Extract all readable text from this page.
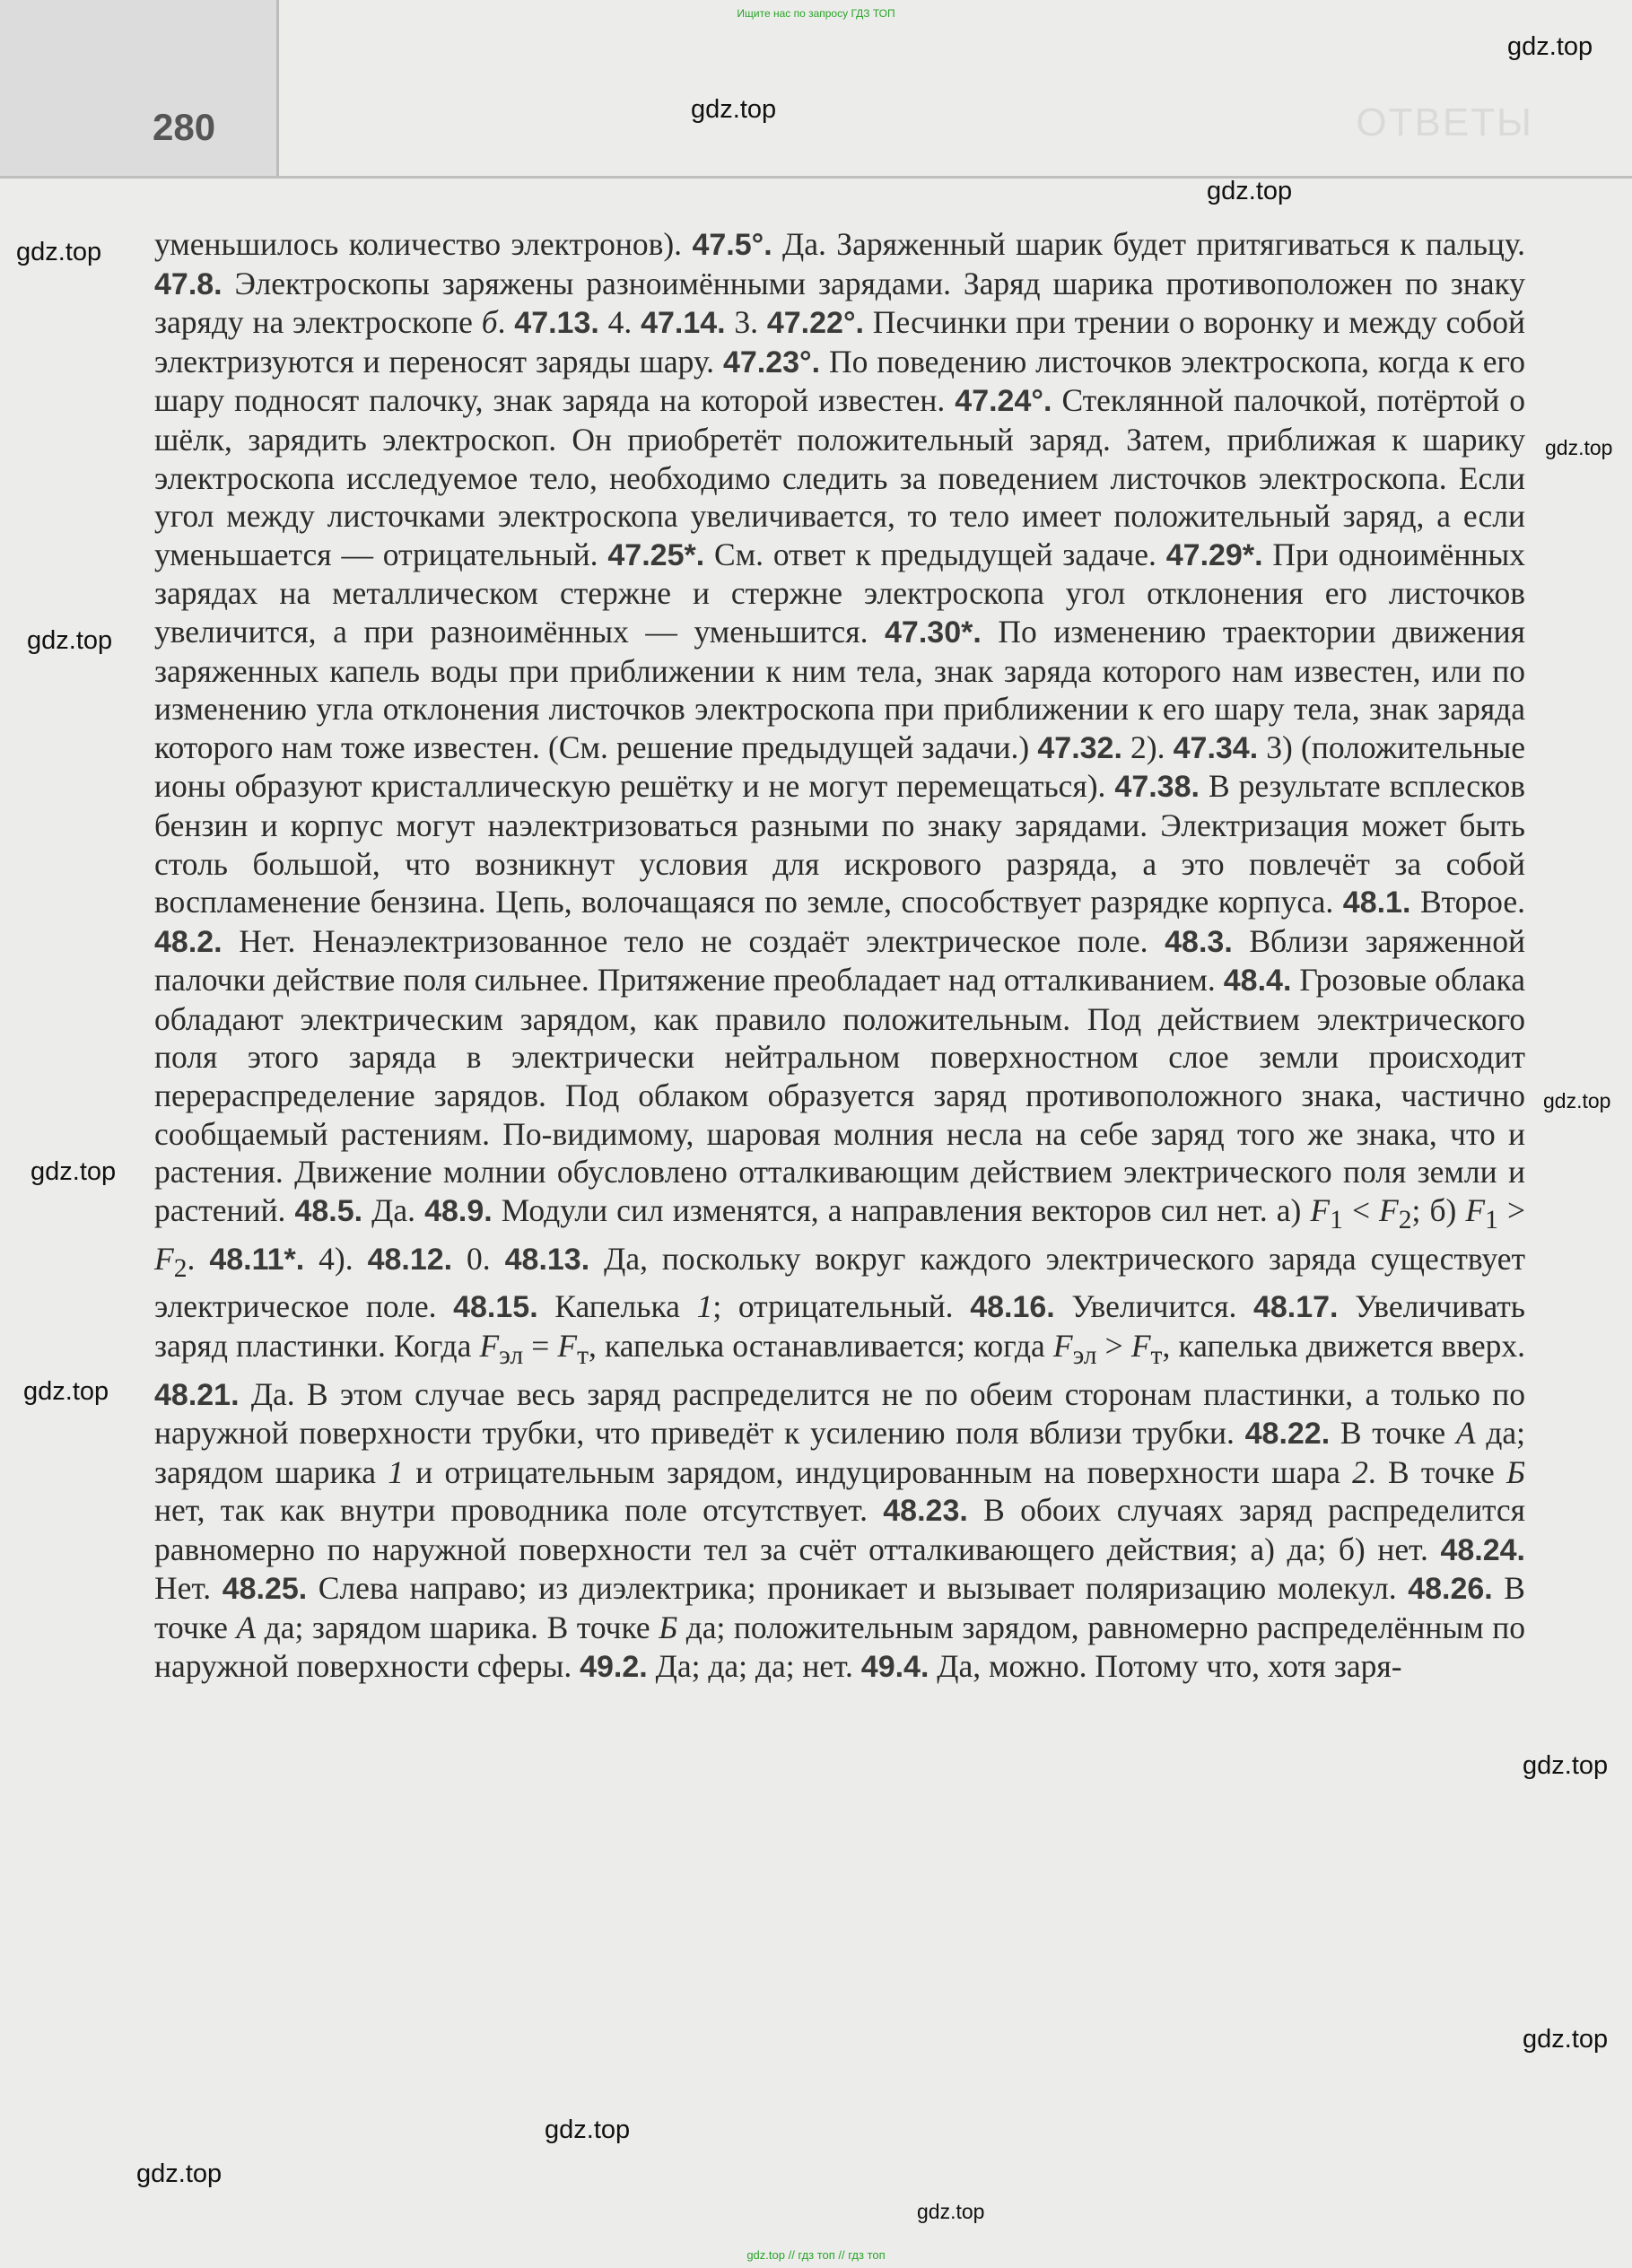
Ищите нас по запросу ГДЗ ТОП
280	ОТВЕТЫ
gdz.top
gdz.top
gdz.top
gdz.top
gdz.top
gdz.top
gdz.top
gdz.top
gdz.top
gdz.top
gdz.top
gdz.top
gdz.top
gdz.top

уменьшилось количество электронов). 47.5°. Да. Заряженный шарик будет притягиваться к пальцу. 47.8. Электроскопы заряжены разноимёнными зарядами. Заряд шарика противоположен по знаку заряду на электроскопе б. 47.13. 4. 47.14. 3. 47.22°. Песчинки при трении о воронку и между собой электризуются и переносят заряды шару. 47.23°. По поведению листочков электроскопа, когда к его шару подносят палочку, знак заряда на которой известен. 47.24°. Стеклянной палочкой, потёртой о шёлк, зарядить электроскоп. Он приобретёт положительный заряд. Затем, приближая к шарику электроскопа исследуемое тело, необходимо следить за поведением листочков электроскопа. Если угол между листочками электроскопа увеличивается, то тело имеет положительный заряд, а если уменьшается — отрицательный. 47.25*. См. ответ к предыдущей задаче. 47.29*. При одноимённых зарядах на металлическом стержне и стержне электроскопа угол отклонения его листочков увеличится, а при разноимённых — уменьшится. 47.30*. По изменению траектории движения заряженных капель воды при приближении к ним тела, знак заряда которого нам известен, или по изменению угла отклонения листочков электроскопа при приближении к его шару тела, знак заряда которого нам тоже известен. (См. решение предыдущей задачи.) 47.32. 2). 47.34. 3) (положительные ионы образуют кристаллическую решётку и не могут перемещаться). 47.38. В результате всплесков бензин и корпус могут наэлектризоваться разными по знаку зарядами. Электризация может быть столь большой, что возникнут условия для искрового разряда, а это повлечёт за собой воспламенение бензина. Цепь, волочащаяся по земле, способствует разрядке корпуса. 48.1. Второе. 48.2. Нет. Ненаэлектризованное тело не создаёт электрическое поле. 48.3. Вблизи заряженной палочки действие поля сильнее. Притяжение преобладает над отталкиванием. 48.4. Грозовые облака обладают электрическим зарядом, как правило положительным. Под действием электрического поля этого заряда в электрически нейтральном поверхностном слое земли происходит перераспределение зарядов. Под облаком образуется заряд противоположного знака, частично сообщаемый растениям. По-видимому, шаровая молния несла на себе заряд того же знака, что и растения. Движение молнии обусловлено отталкивающим действием электрического поля земли и растений. 48.5. Да. 48.9. Модули сил изменятся, а направления векторов сил нет. а) $F_1 < F_2$; б) $F_1 > F_2$. 48.11*. 4). 48.12. 0. 48.13. Да, поскольку вокруг каждого электрического заряда существует электрическое поле. 48.15. Капелька 1; отрицательный. 48.16. Увеличится. 48.17. Увеличивать заряд пластинки. Когда $F_{эл} = F_т$, капелька останавливается; когда $F_{эл} > F_т$, капелька движется вверх. 48.21. Да. В этом случае весь заряд распределится не по обеим сторонам пластинки, а только по наружной поверхности трубки, что приведёт к усилению поля вблизи трубки. 48.22. В точке А да; зарядом шарика 1 и отрицательным зарядом, индуцированным на поверхности шара 2. В точке Б нет, так как внутри проводника поле отсутствует. 48.23. В обоих случаях заряд распределится равномерно по наружной поверхности тел за счёт отталкивающего действия; а) да; б) нет. 48.24. Нет. 48.25. Слева направо; из диэлектрика; проникает и вызывает поляризацию молекул. 48.26. В точке А да; зарядом шарика. В точке Б да; положительным зарядом, равномерно распределённым по наружной поверхности сферы. 49.2. Да; да; да; нет. 49.4. Да, можно. Потому что, хотя заря-

gdz.top // гдз топ // гдз топ
